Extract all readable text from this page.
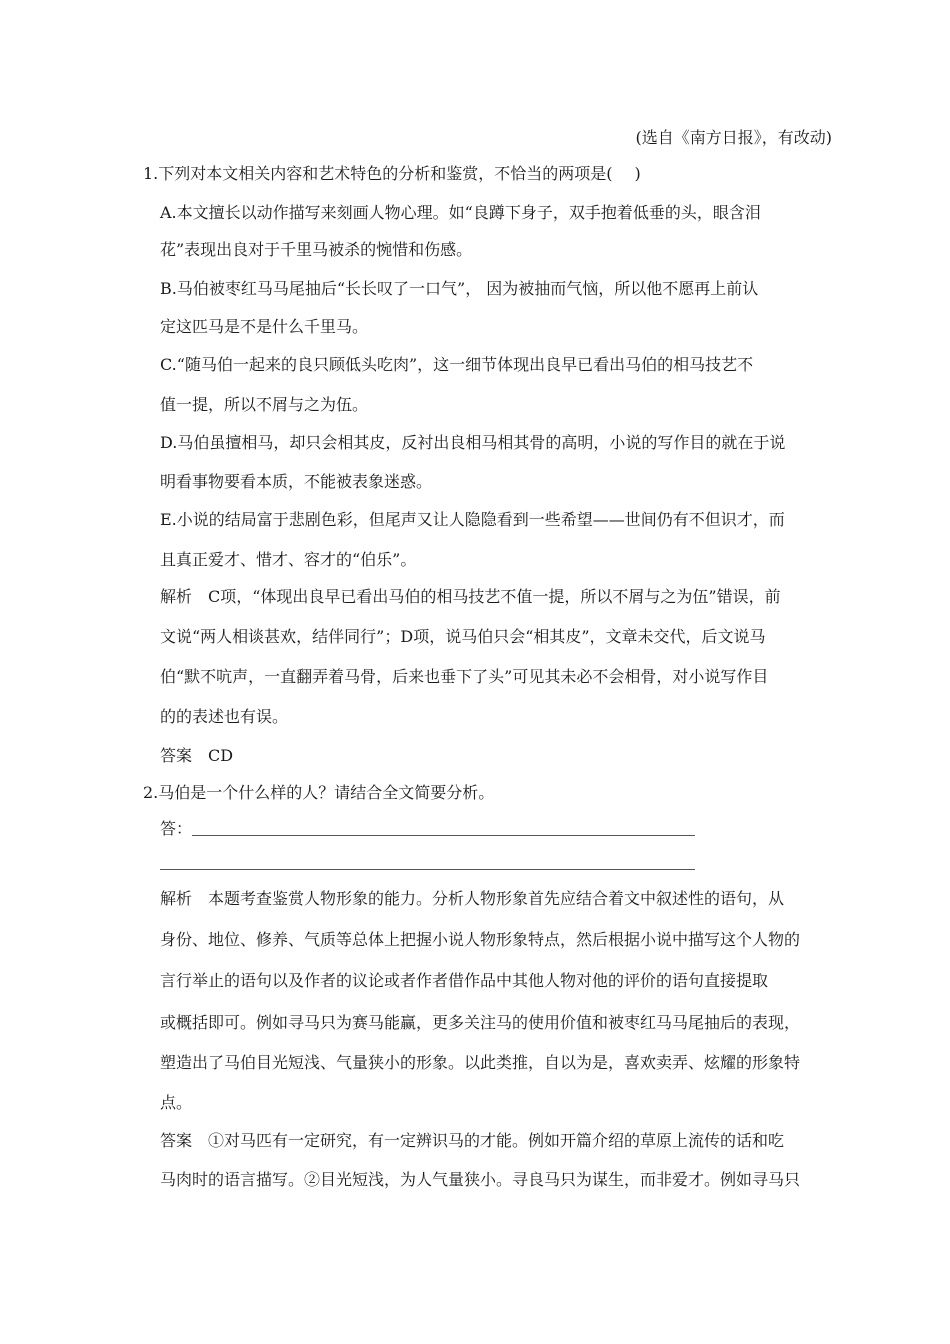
(选自《南方日报》，有改动)
1.下列对本文相关内容和艺术特色的分析和鉴赏，不恰当的两项是( )
A.本文擅长以动作描写来刻画人物心理。如“良蹲下身子，双手抱着低垂的头，眼含泪
花”表现出良对于千里马被杀的惋惜和伤感。
B.马伯被枣红马马尾抽后“长长叹了一口气”， 因为被抽而气恼，所以他不愿再上前认
定这匹马是不是什么千里马。
C.“随马伯一起来的良只顾低头吃肉”，这一细节体现出良早已看出马伯的相马技艺不
值一提，所以不屑与之为伍。
D.马伯虽擅相马，却只会相其皮，反衬出良相马相其骨的高明，小说的写作目的就在于说
明看事物要看本质，不能被表象迷惑。
E.小说的结局富于悲剧色彩，但尾声又让人隐隐看到一些希望——世间仍有不但识才，而
且真正爱才、惜才、容才的“伯乐”。
解析　C项，“体现出良早已看出马伯的相马技艺不值一提，所以不屑与之为伍”错误，前
文说“两人相谈甚欢，结伴同行”；D项，说马伯只会“相其皮”，文章未交代，后文说马
伯“默不吭声，一直翻弄着马骨，后来也垂下了头”可见其未必不会相骨，对小说写作目
的的表述也有误。
答案　CD
2.马伯是一个什么样的人？请结合全文简要分析。
答：
解析　本题考查鉴赏人物形象的能力。分析人物形象首先应结合着文中叙述性的语句，从
身份、地位、修养、气质等总体上把握小说人物形象特点，然后根据小说中描写这个人物的
言行举止的语句以及作者的议论或者作者借作品中其他人物对他的评价的语句直接提取
或概括即可。例如寻马只为赛马能赢，更多关注马的使用价值和被枣红马马尾抽后的表现，
塑造出了马伯目光短浅、气量狭小的形象。以此类推，自以为是，喜欢卖弄、炫耀的形象特
点。
答案　①对马匹有一定研究，有一定辨识马的才能。例如开篇介绍的草原上流传的话和吃
马肉时的语言描写。②目光短浅，为人气量狭小。寻良马只为谋生，而非爱才。例如寻马只
